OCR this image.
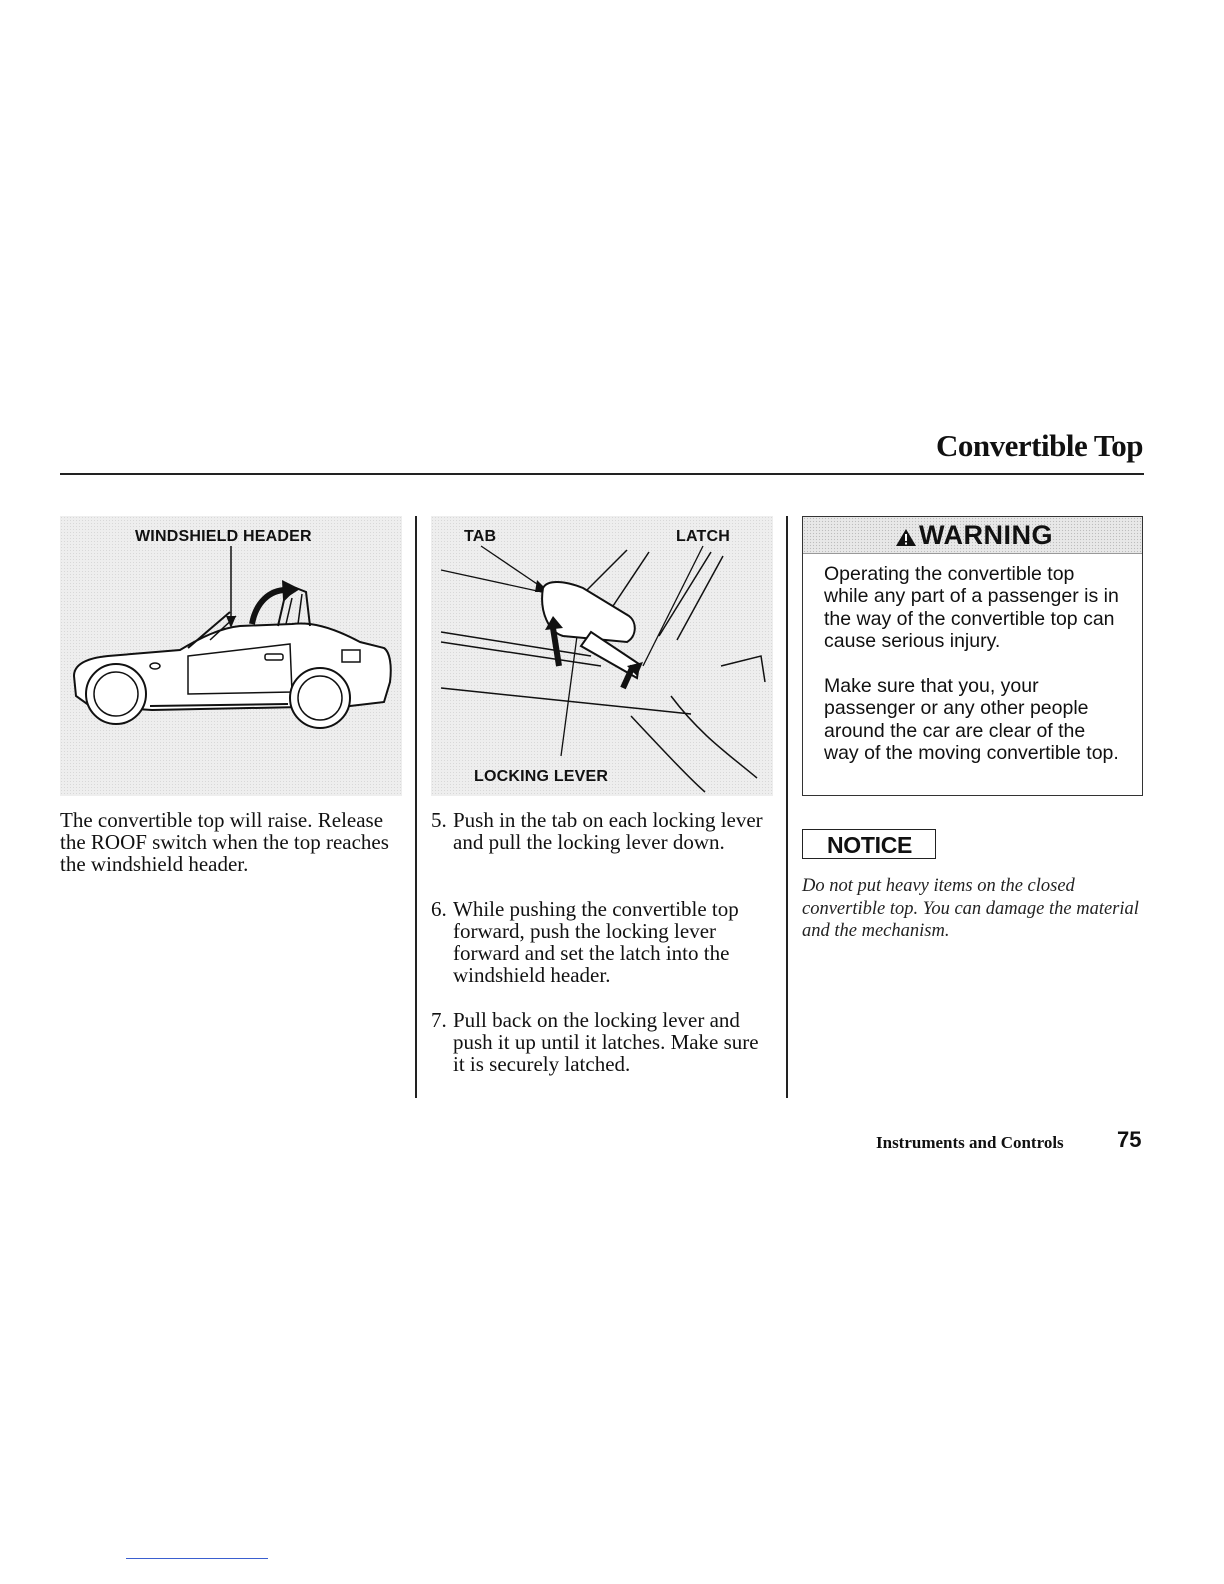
Convertible Top
WINDSHIELD HEADER	TAB	LATCH
LOCKING LEVER
The convertible top will raise. Release the ROOF switch when the top reaches the windshield header.
5. Push in the tab on each locking lever and pull the locking lever down.
6. While pushing the convertible top forward, push the locking lever forward and set the latch into the windshield header.
7. Pull back on the locking lever and push it up until it latches. Make sure it is securely latched.
WARNING
Operating the convertible top while any part of a passenger is in the way of the convertible top can cause serious injury.
Make sure that you, your passenger or any other people around the car are clear of the way of the moving convertible top.
NOTICE
Do not put heavy items on the closed convertible top. You can damage the material and the mechanism.
Instruments and Controls 75
